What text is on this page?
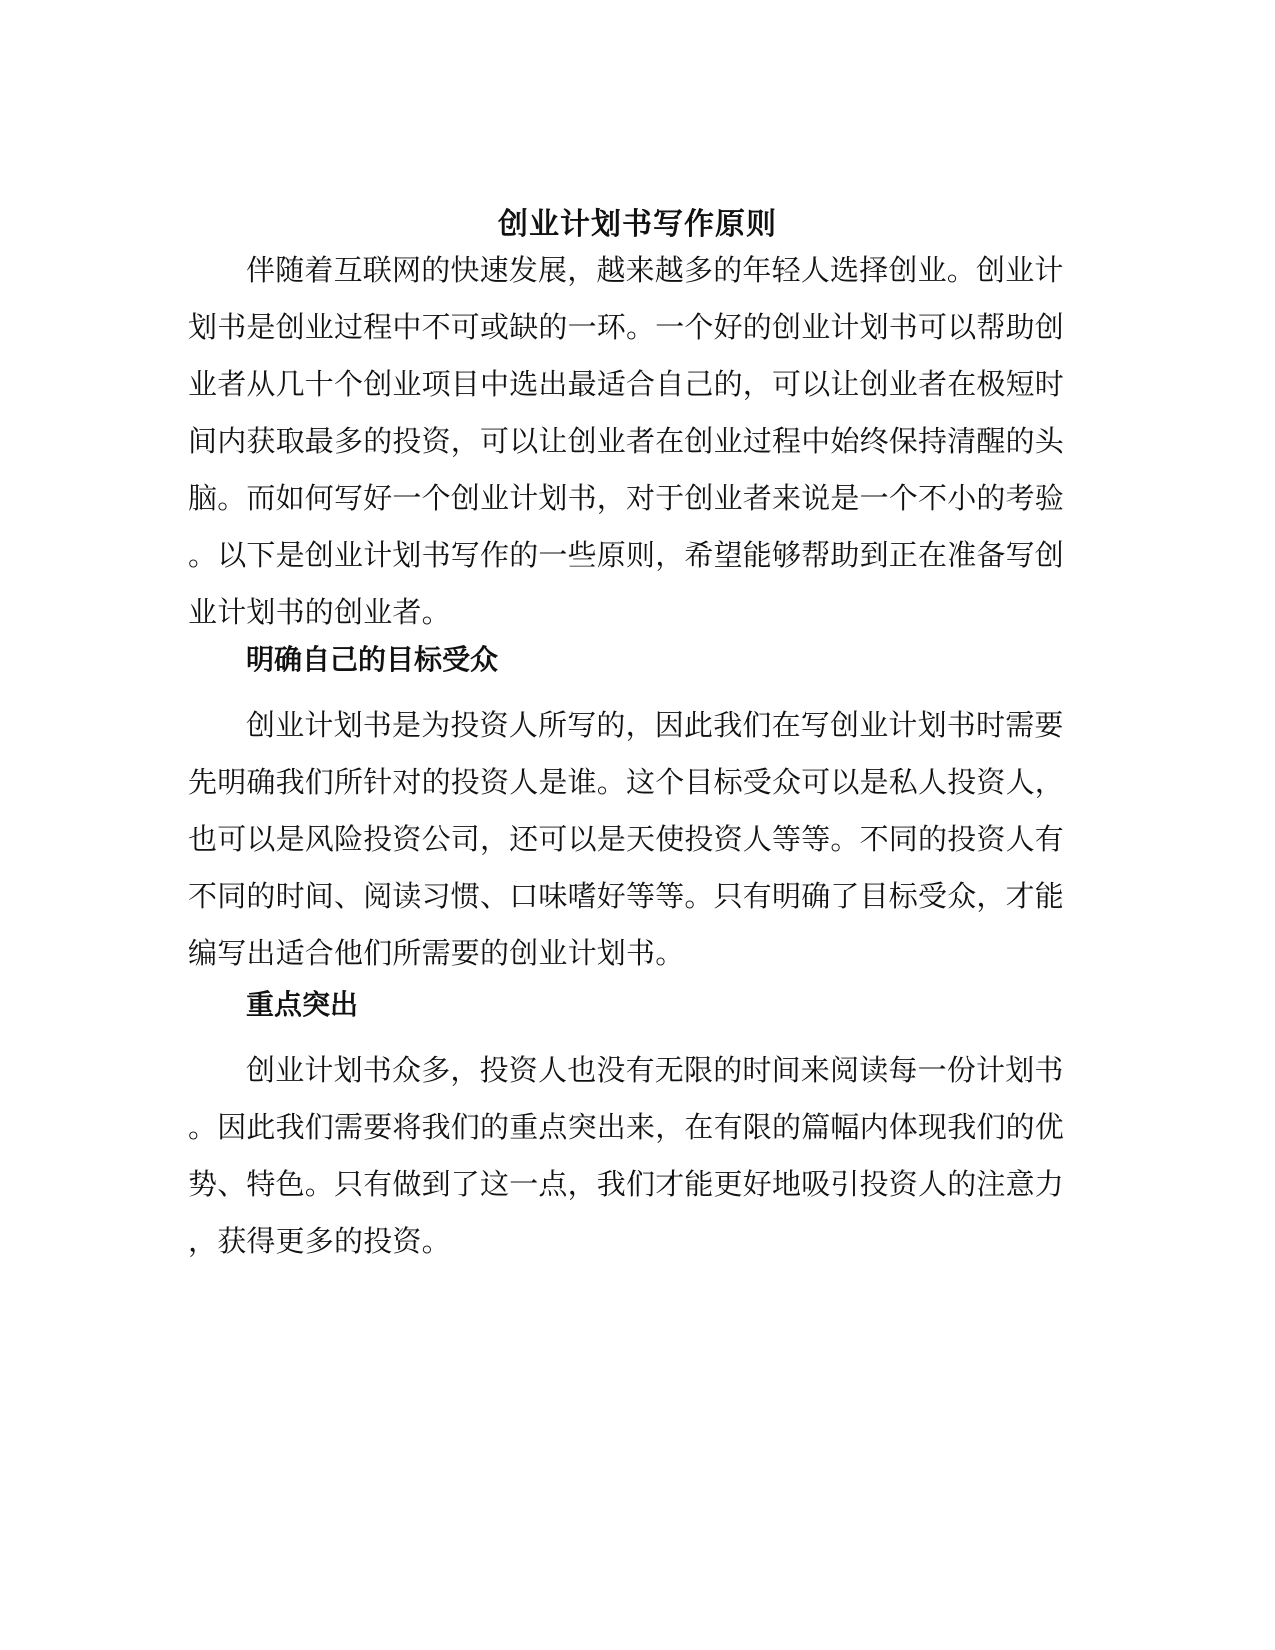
创业计划书写作原则
伴随着互联网的快速发展，越来越多的年轻人选择创业。创业计
划书是创业过程中不可或缺的一环。一个好的创业计划书可以帮助创
业者从几十个创业项目中选出最适合自己的，可以让创业者在极短时
间内获取最多的投资，可以让创业者在创业过程中始终保持清醒的头
脑。而如何写好一个创业计划书，对于创业者来说是一个不小的考验
。以下是创业计划书写作的一些原则，希望能够帮助到正在准备写创
业计划书的创业者。
明确自己的目标受众
创业计划书是为投资人所写的，因此我们在写创业计划书时需要
先明确我们所针对的投资人是谁。这个目标受众可以是私人投资人，
也可以是风险投资公司，还可以是天使投资人等等。不同的投资人有
不同的时间、阅读习惯、口味嗜好等等。只有明确了目标受众，才能
编写出适合他们所需要的创业计划书。
重点突出
创业计划书众多，投资人也没有无限的时间来阅读每一份计划书
。因此我们需要将我们的重点突出来，在有限的篇幅内体现我们的优
势、特色。只有做到了这一点，我们才能更好地吸引投资人的注意力
，获得更多的投资。
